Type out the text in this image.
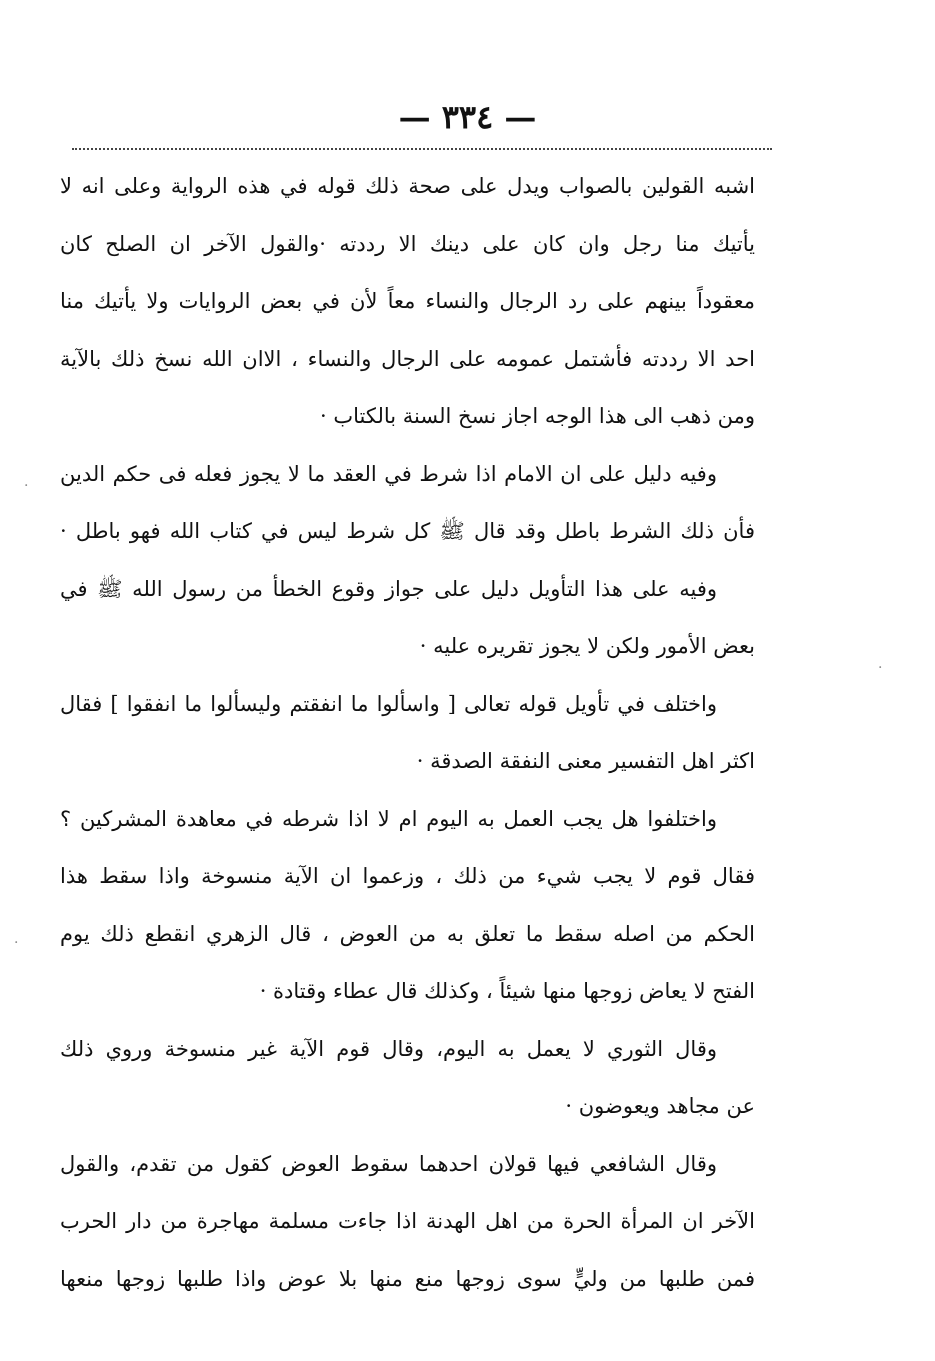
— ٣٣٤ —
اشبه القولين بالصواب ويدل على صحة ذلك قوله في هذه الرواية وعلى انه لا
يأتيك منا رجل وان كان على دينك الا رددته ·والقول الآخر ان الصلح كان
معقوداً بينهم على رد الرجال والنساء معاً لأن في بعض الروايات ولا يأتيك منا
احد الا رددته فأشتمل عمومه على الرجال والنساء ، الاان الله نسخ ذلك بالآية
ومن ذهب الى هذا الوجه اجاز نسخ السنة بالكتاب ·
وفيه دليل على ان الامام اذا شرط في العقد ما لا يجوز فعله فى حكم الدين
فأن ذلك الشرط باطل وقد قال ﷺ كل شرط ليس في كتاب الله فهو باطل ·
وفيه على هذا التأويل دليل على جواز وقوع الخطأ من رسول الله ﷺ في
بعض الأمور ولكن لا يجوز تقريره عليه ·
واختلف في تأويل قوله تعالى [ واسألوا ما انفقتم وليسألوا ما انفقوا ] فقال
اكثر اهل التفسير معنى النفقة الصدقة ·
واختلفوا هل يجب العمل به اليوم ام لا اذا شرطه في معاهدة المشركين ؟
فقال قوم لا يجب شيء من ذلك ، وزعموا ان الآية منسوخة واذا سقط هذا
الحكم من اصله سقط ما تعلق به من العوض ، قال الزهري انقطع ذلك يوم
الفتح لا يعاض زوجها منها شيئاً ، وكذلك قال عطاء وقتادة ·
وقال الثوري لا يعمل به اليوم، وقال قوم الآية غير منسوخة وروي ذلك
عن مجاهد ويعوضون ·
وقال الشافعي فيها قولان احدهما سقوط العوض كقول من تقدم، والقول
الآخر ان المرأة الحرة من اهل الهدنة اذا جاءت مسلمة مهاجرة من دار الحرب
فمن طلبها من وليٍّ سوى زوجها منع منها بلا عوض واذا طلبها زوجها منعها
·
·
·
